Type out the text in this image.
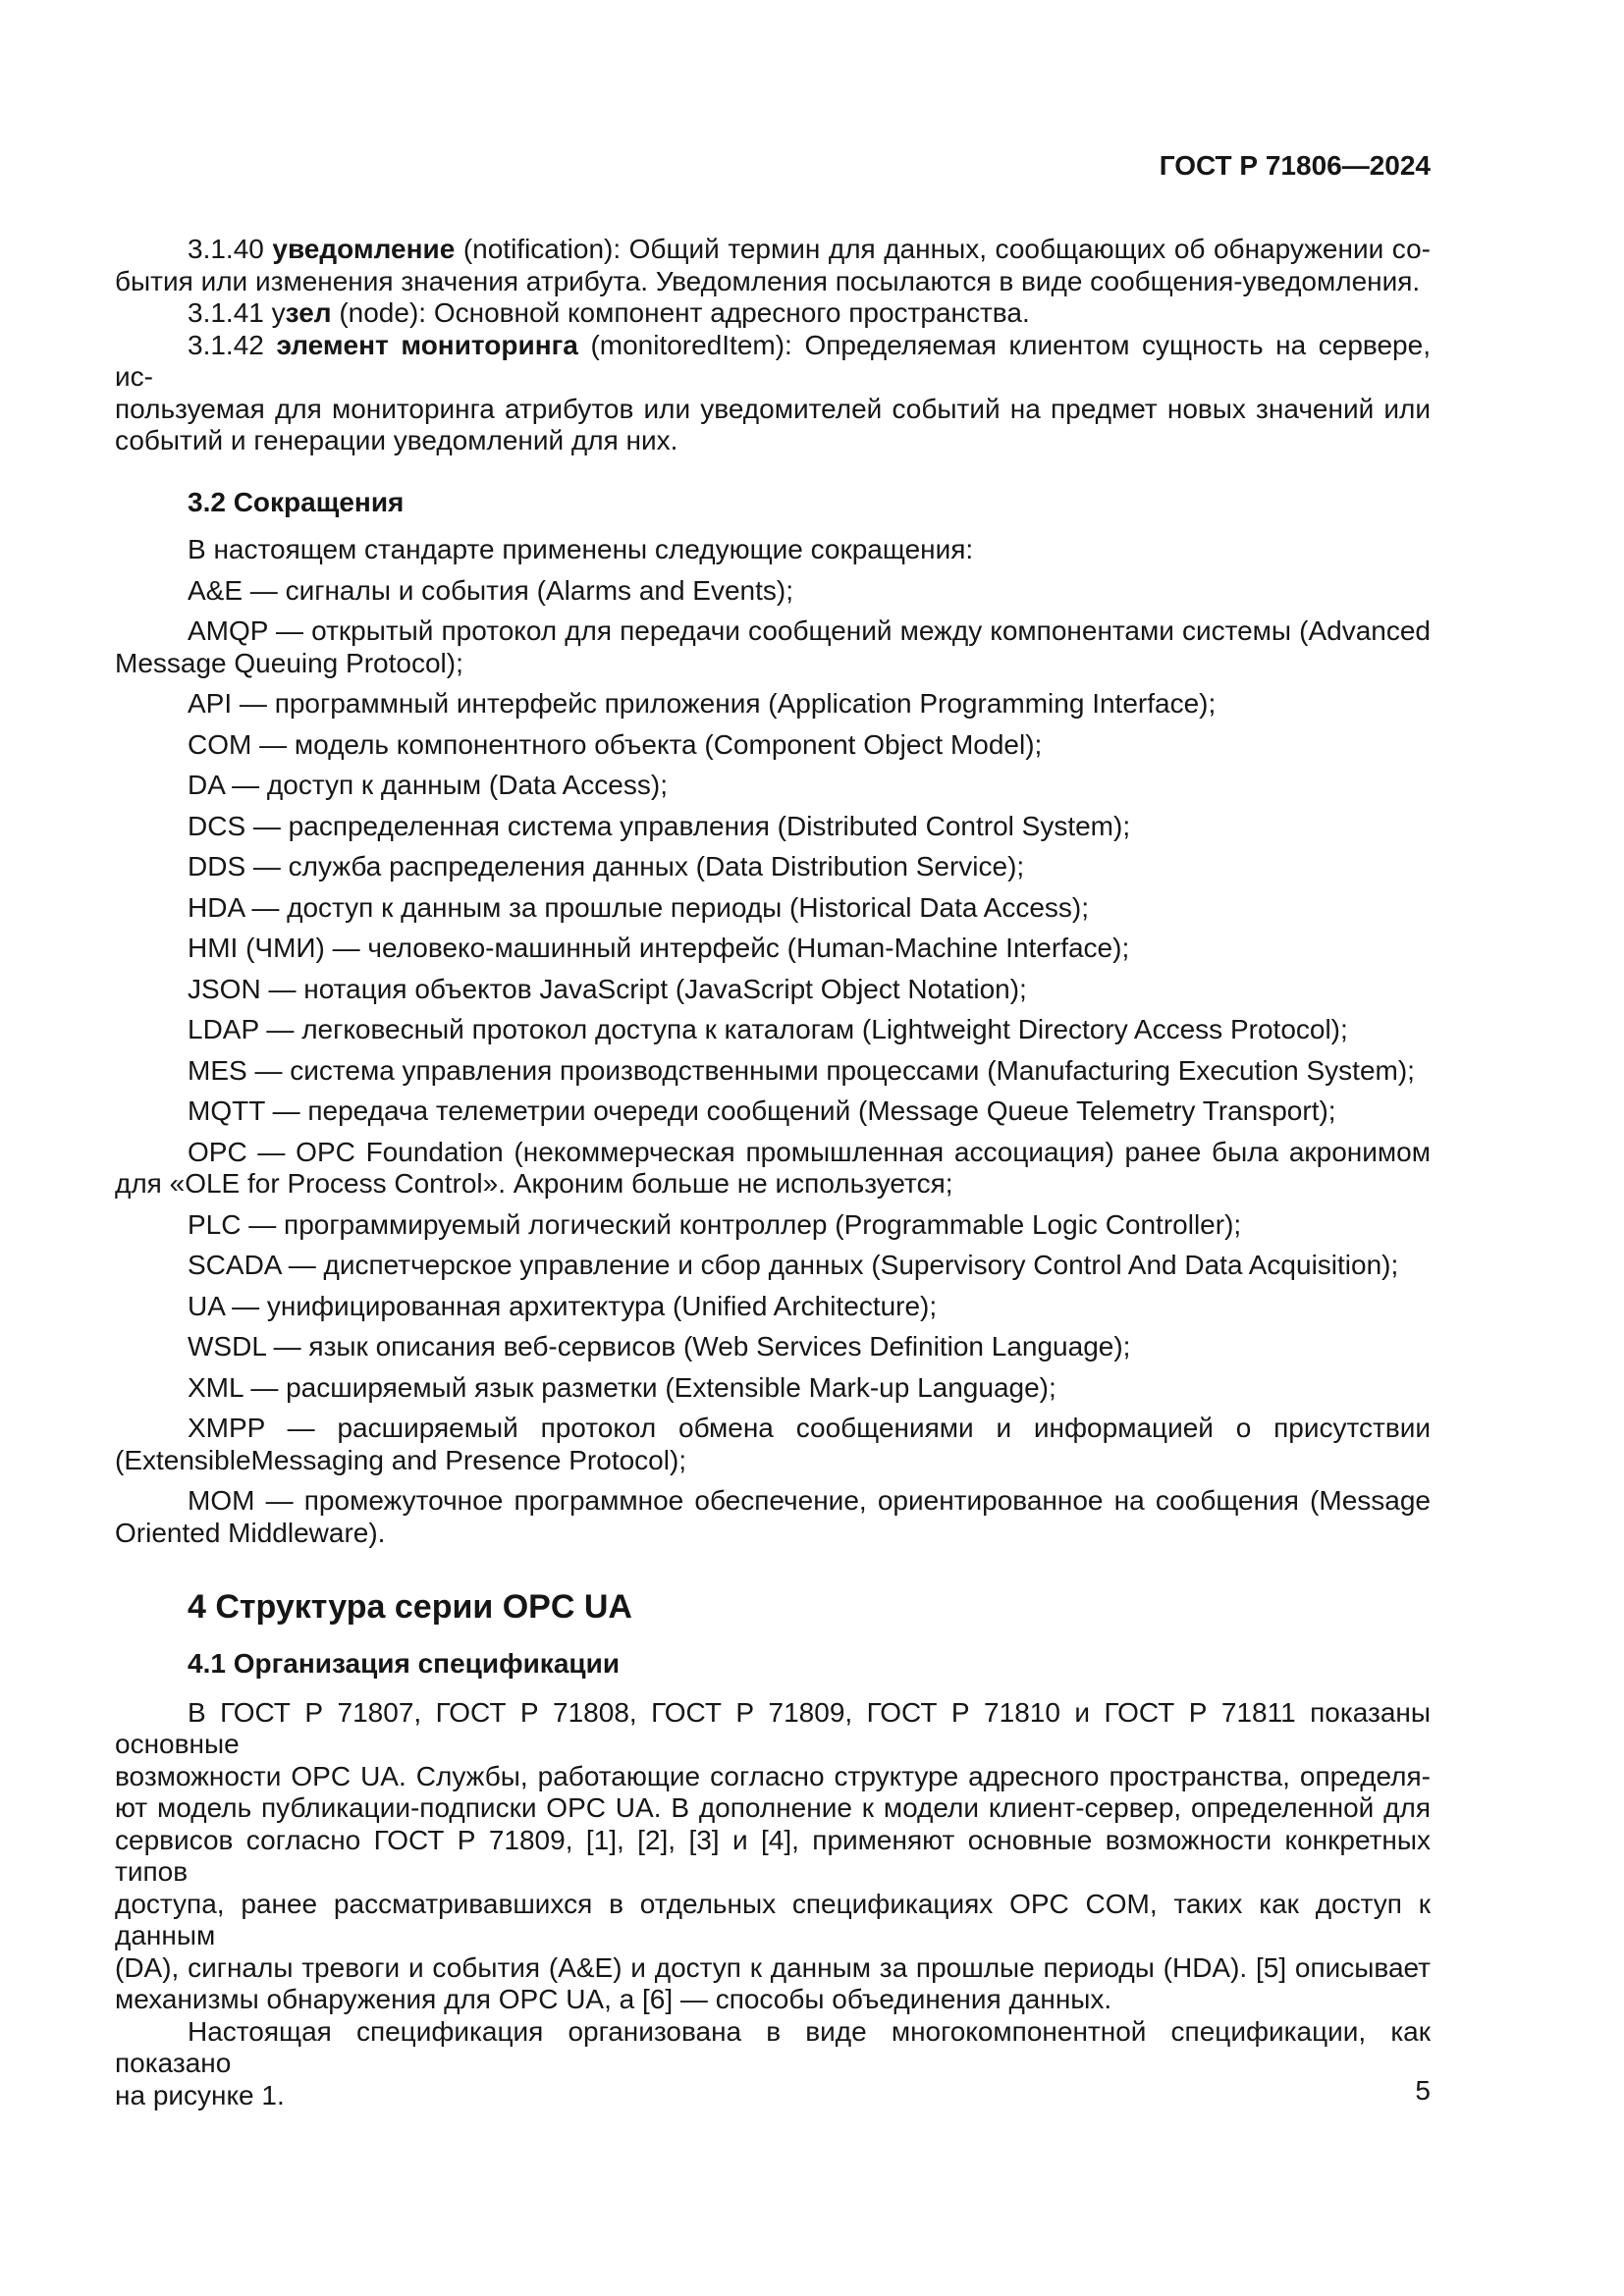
ГОСТ Р 71806—2024
3.1.40 уведомление (notification): Общий термин для данных, сообщающих об обнаружении со-
бытия или изменения значения атрибута. Уведомления посылаются в виде сообщения-уведомления.
3.1.41 узел (node): Основной компонент адресного пространства.
3.1.42 элемент мониторинга (monitoredItem): Определяемая клиентом сущность на сервере, ис-
пользуемая для мониторинга атрибутов или уведомителей событий на предмет новых значений или
событий и генерации уведомлений для них.
3.2 Сокращения
В настоящем стандарте применены следующие сокращения:
A&E — сигналы и события (Alarms and Events);
AMQP — открытый протокол для передачи сообщений между компонентами системы (Advanced
Message Queuing Protocol);
API — программный интерфейс приложения (Application Programming Interface);
COM — модель компонентного объекта (Component Object Model);
DA — доступ к данным (Data Access);
DCS — распределенная система управления (Distributed Control System);
DDS — служба распределения данных (Data Distribution Service);
HDA — доступ к данным за прошлые периоды (Historical Data Access);
HMI (ЧМИ) — человеко-машинный интерфейс (Human-Machine Interface);
JSON — нотация объектов JavaScript (JavaScript Object Notation);
LDAP — легковесный протокол доступа к каталогам (Lightweight Directory Access Protocol);
MES — система управления производственными процессами (Manufacturing Execution System);
MQTT — передача телеметрии очереди сообщений (Message Queue Telemetry Transport);
OPC — OPC Foundation (некоммерческая промышленная ассоциация) ранее была акронимом
для «OLE for Process Control». Акроним больше не используется;
PLC — программируемый логический контроллер (Programmable Logic Controller);
SCADA — диспетчерское управление и сбор данных (Supervisory Control And Data Acquisition);
UA — унифицированная архитектура (Unified Architecture);
WSDL — язык описания веб-сервисов (Web Services Definition Language);
XML — расширяемый язык разметки (Extensible Mark-up Language);
XMPP — расширяемый протокол обмена сообщениями и информацией о присутствии
(ExtensibleMessaging and Presence Protocol);
MOM — промежуточное программное обеспечение, ориентированное на сообщения (Message
Oriented Middleware).
4 Структура серии OPC UA
4.1 Организация спецификации
В ГОСТ Р 71807, ГОСТ Р 71808, ГОСТ Р 71809, ГОСТ Р 71810 и ГОСТ Р 71811 показаны основные
возможности OPC UA. Службы, работающие согласно структуре адресного пространства, определя-
ют модель публикации-подписки OPC UA. В дополнение к модели клиент-сервер, определенной для
сервисов согласно ГОСТ Р 71809, [1], [2], [3] и [4], применяют основные возможности конкретных типов
доступа, ранее рассматривавшихся в отдельных спецификациях OPC COM, таких как доступ к данным
(DA), сигналы тревоги и события (A&E) и доступ к данным за прошлые периоды (HDA). [5] описывает
механизмы обнаружения для OPC UA, а [6] — способы объединения данных.
Настоящая спецификация организована в виде многокомпонентной спецификации, как показано
на рисунке 1.	5
